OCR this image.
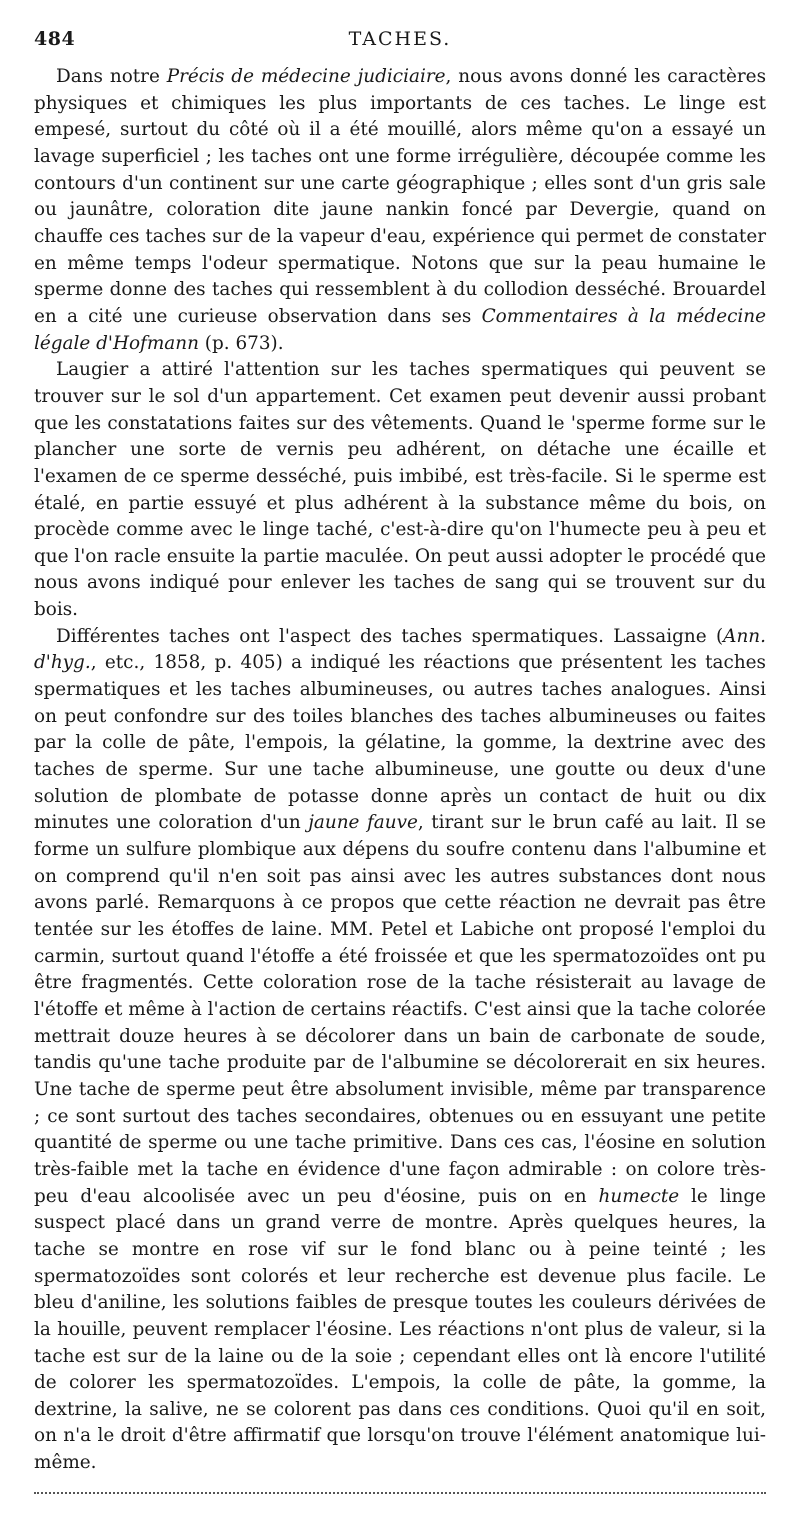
484	TACHES.

Dans notre Précis de médecine judiciaire, nous avons donné les caractères physiques et chimiques les plus importants de ces taches. Le linge est empesé, surtout du côté où il a été mouillé, alors même qu'on a essayé un lavage superficiel ; les taches ont une forme irrégulière, découpée comme les contours d'un continent sur une carte géographique ; elles sont d'un gris sale ou jaunâtre, coloration dite jaune nankin foncé par Devergie, quand on chauffe ces taches sur de la vapeur d'eau, expérience qui permet de constater en même temps l'odeur spermatique. Notons que sur la peau humaine le sperme donne des taches qui ressemblent à du collodion desséché. Brouardel en a cité une curieuse observation dans ses Commentaires à la médecine légale d'Hofmann (p. 673).

Laugier a attiré l'attention sur les taches spermatiques qui peuvent se trouver sur le sol d'un appartement. Cet examen peut devenir aussi probant que les constatations faites sur des vêtements. Quand le 'sperme forme sur le plancher une sorte de vernis peu adhérent, on détache une écaille et l'examen de ce sperme desséché, puis imbibé, est très-facile. Si le sperme est étalé, en partie essuyé et plus adhérent à la substance même du bois, on procède comme avec le linge taché, c'est-à-dire qu'on l'humecte peu à peu et que l'on racle ensuite la partie maculée. On peut aussi adopter le procédé que nous avons indiqué pour enlever les taches de sang qui se trouvent sur du bois.

Différentes taches ont l'aspect des taches spermatiques. Lassaigne (Ann. d'hyg., etc., 1858, p. 405) a indiqué les réactions que présentent les taches spermatiques et les taches albumineuses, ou autres taches analogues. Ainsi on peut confondre sur des toiles blanches des taches albumineuses ou faites par la colle de pâte, l'empois, la gélatine, la gomme, la dextrine avec des taches de sperme. Sur une tache albumineuse, une goutte ou deux d'une solution de plombate de potasse donne après un contact de huit ou dix minutes une coloration d'un jaune fauve, tirant sur le brun café au lait. Il se forme un sulfure plombique aux dépens du soufre contenu dans l'albumine et on comprend qu'il n'en soit pas ainsi avec les autres substances dont nous avons parlé. Remarquons à ce propos que cette réaction ne devrait pas être tentée sur les étoffes de laine. MM. Petel et Labiche ont proposé l'emploi du carmin, surtout quand l'étoffe a été froissée et que les spermatozoïdes ont pu être fragmentés. Cette coloration rose de la tache résisterait au lavage de l'étoffe et même à l'action de certains réactifs. C'est ainsi que la tache colorée mettrait douze heures à se décolorer dans un bain de carbonate de soude, tandis qu'une tache produite par de l'albumine se décolorerait en six heures. Une tache de sperme peut être absolument invisible, même par transparence ; ce sont surtout des taches secondaires, obtenues ou en essuyant une petite quantité de sperme ou une tache primitive. Dans ces cas, l'éosine en solution très-faible met la tache en évidence d'une façon admirable : on colore très-peu d'eau alcoolisée avec un peu d'éosine, puis on en humecte le linge suspect placé dans un grand verre de montre. Après quelques heures, la tache se montre en rose vif sur le fond blanc ou à peine teinté ; les spermatozoïdes sont colorés et leur recherche est devenue plus facile. Le bleu d'aniline, les solutions faibles de presque toutes les couleurs dérivées de la houille, peuvent remplacer l'éosine. Les réactions n'ont plus de valeur, si la tache est sur de la laine ou de la soie ; cependant elles ont là encore l'utilité de colorer les spermatozoïdes. L'empois, la colle de pâte, la gomme, la dextrine, la salive, ne se colorent pas dans ces conditions. Quoi qu'il en soit, on n'a le droit d'être affirmatif que lorsqu'on trouve l'élément anatomique lui-même.
